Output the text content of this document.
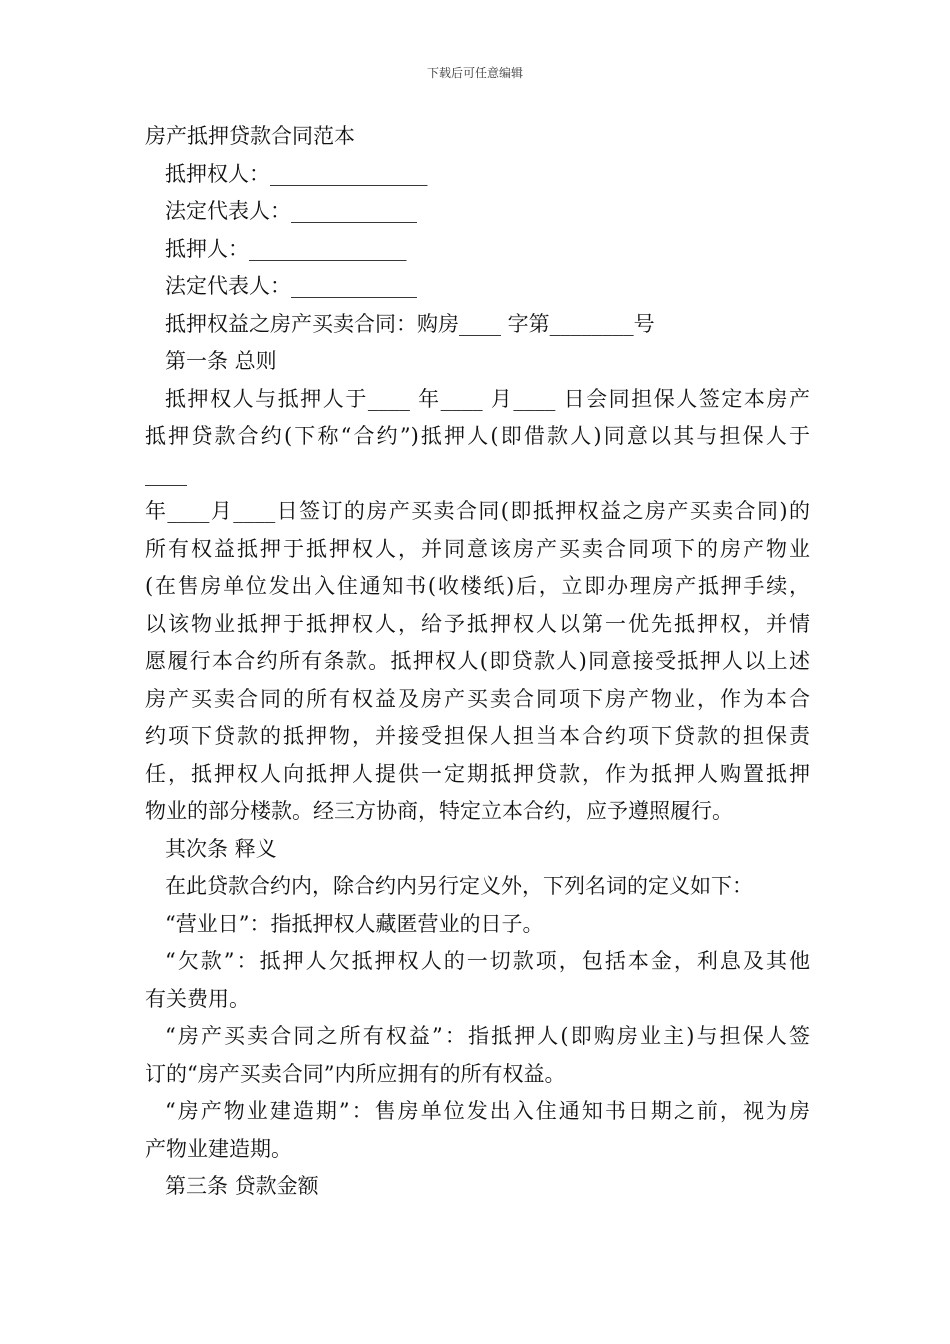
下载后可任意编辑
房产抵押贷款合同范本
抵押权人：_______________
法定代表人：____________
抵押人：_______________
法定代表人：____________
抵押权益之房产买卖合同：购房____ 字第________号
第一条 总则
抵押权人与抵押人于____ 年____ 月____ 日会同担保人签定本房产
抵押贷款合约(下称“合约”)抵押人(即借款人)同意以其与担保人于
____
年____月____日签订的房产买卖合同(即抵押权益之房产买卖合同)的
所有权益抵押于抵押权人，并同意该房产买卖合同项下的房产物业
(在售房单位发出入住通知书(收楼纸)后，立即办理房产抵押手续，
以该物业抵押于抵押权人，给予抵押权人以第一优先抵押权，并情
愿履行本合约所有条款。抵押权人(即贷款人)同意接受抵押人以上述
房产买卖合同的所有权益及房产买卖合同项下房产物业，作为本合
约项下贷款的抵押物，并接受担保人担当本合约项下贷款的担保责
任，抵押权人向抵押人提供一定期抵押贷款，作为抵押人购置抵押
物业的部分楼款。经三方协商，特定立本合约，应予遵照履行。
其次条 释义
在此贷款合约内，除合约内另行定义外，下列名词的定义如下：
“营业日”：指抵押权人藏匿营业的日子。
“欠款”：抵押人欠抵押权人的一切款项，包括本金，利息及其他
有关费用。
“房产买卖合同之所有权益”：指抵押人(即购房业主)与担保人签
订的“房产买卖合同”内所应拥有的所有权益。
“房产物业建造期”：售房单位发出入住通知书日期之前，视为房
产物业建造期。
第三条 贷款金额
